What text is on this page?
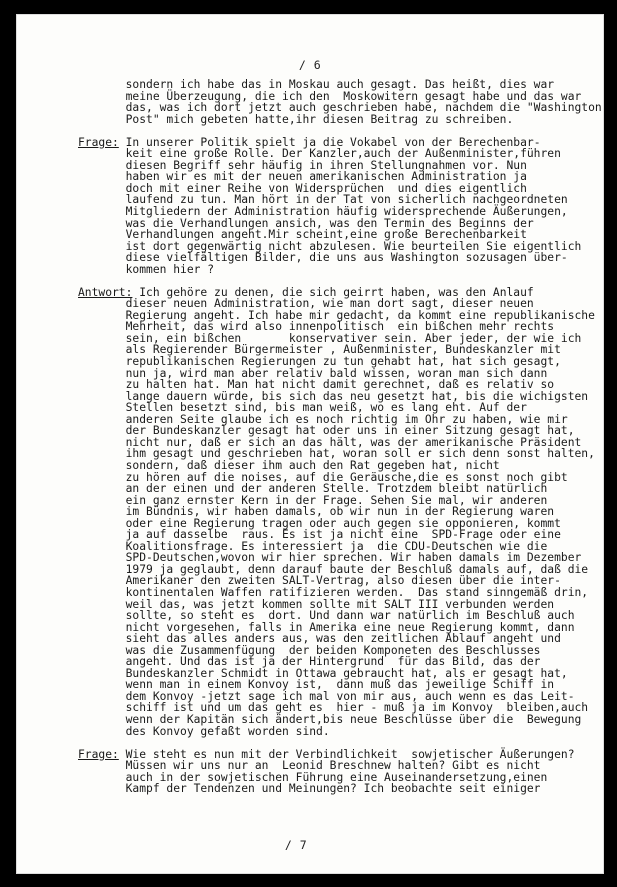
/ 6
sondern ich habe das in Moskau auch gesagt. Das heißt, dies war
meine Überzeugung, die ich den  Moskowitern gesagt habe und das war
das, was ich dort jetzt auch geschrieben habe, nachdem die "Washington
Post" mich gebeten hatte,ihr diesen Beitrag zu schreiben.
Frage: In unserer Politik spielt ja die Vokabel von der Berechenbar-
keit eine große Rolle. Der Kanzler,auch der Außenminister,führen
diesen Begriff sehr häufig in ihren Stellungnahmen vor. Nun
haben wir es mit der neuen amerikanischen Administration ja
doch mit einer Reihe von Widersprüchen  und dies eigentlich
laufend zu tun. Man hört in der Tat von sicherlich nachgeordneten
Mitgliedern der Administration häufig widersprechende Äußerungen,
was die Verhandlungen ansich, was den Termin des Beginns der
Verhandlungen angeht.Mir scheint,eine große Berechenbarkeit
ist dort gegenwärtig nicht abzulesen. Wie beurteilen Sie eigentlich
diese vielfältigen Bilder, die uns aus Washington sozusagen über-
kommen hier ?
Antwort: Ich gehöre zu denen, die sich geirrt haben, was den Anlauf
dieser neuen Administration, wie man dort sagt, dieser neuen
Regierung angeht. Ich habe mir gedacht, da kommt eine republikanische
Mehrheit, das wird also innenpolitisch  ein bißchen mehr rechts
sein, ein bißchen       konservativer sein. Aber jeder, der wie ich
als Regierender Bürgermeister , Außenminister, Bundeskanzler mit
republikanischen Regierungen zu tun gehabt hat, hat sich gesagt,
nun ja, wird man aber relativ bald wissen, woran man sich dann
zu halten hat. Man hat nicht damit gerechnet, daß es relativ so
lange dauern würde, bis sich das neu gesetzt hat, bis die wichigsten
Stellen besetzt sind, bis man weiß, wo es lang eht. Auf der
anderen Seite glaube ich es noch richtig im Ohr zu haben, wie mir
der Bundeskanzler gesagt hat oder uns in einer Sitzung gesagt hat,
nicht nur, daß er sich an das hält, was der amerikanische Präsident
ihm gesagt und geschrieben hat, woran soll er sich denn sonst halten,
sondern, daß dieser ihm auch den Rat gegeben hat, nicht
zu hören auf die noises, auf die Geräusche,die es sonst noch gibt
an der einen und der anderen Stelle. Trotzdem bleibt natürlich
ein ganz ernster Kern in der Frage. Sehen Sie mal, wir anderen
im Bündnis, wir haben damals, ob wir nun in der Regierung waren
oder eine Regierung tragen oder auch gegen sie opponieren, kommt
ja auf dasselbe  raus. Es ist ja nicht eine  SPD-Frage oder eine
Koalitionsfrage. Es interessiert ja  die CDU-Deutschen wie die
SPD-Deutschen,wovon wir hier sprechen. Wir haben damals im Dezember
1979 ja geglaubt, denn darauf baute der Beschluß damals auf, daß die
Amerikaner den zweiten SALT-Vertrag, also diesen über die inter-
kontinentalen Waffen ratifizieren werden.  Das stand sinngemäß drin,
weil das, was jetzt kommen sollte mit SALT III verbunden werden
sollte, so steht es  dort. Und dann war natürlich im Beschluß auch
nicht vorgesehen, falls in Amerika eine neue Regierung kommt, dann
sieht das alles anders aus, was den zeitlichen Ablauf angeht und
was die Zusammenfügung  der beiden Komponeten des Beschlusses
angeht. Und das ist ja der Hintergrund  für das Bild, das der
Bundeskanzler Schmidt in Ottawa gebraucht hat, als er gesagt hat,
wenn man in einem Konvoy ist,  dann muß das jeweilige Schiff in
dem Konvoy -jetzt sage ich mal von mir aus, auch wenn es das Leit-
schiff ist und um das geht es  hier - muß ja im Konvoy  bleiben,auch
wenn der Kapitän sich ändert,bis neue Beschlüsse über die  Bewegung
des Konvoy gefaßt worden sind.
Frage: Wie steht es nun mit der Verbindlichkeit  sowjetischer Äußerungen?
Müssen wir uns nur an  Leonid Breschnew halten? Gibt es nicht
auch in der sowjetischen Führung eine Auseinandersetzung,einen
Kampf der Tendenzen und Meinungen? Ich beobachte seit einiger
/ 7
